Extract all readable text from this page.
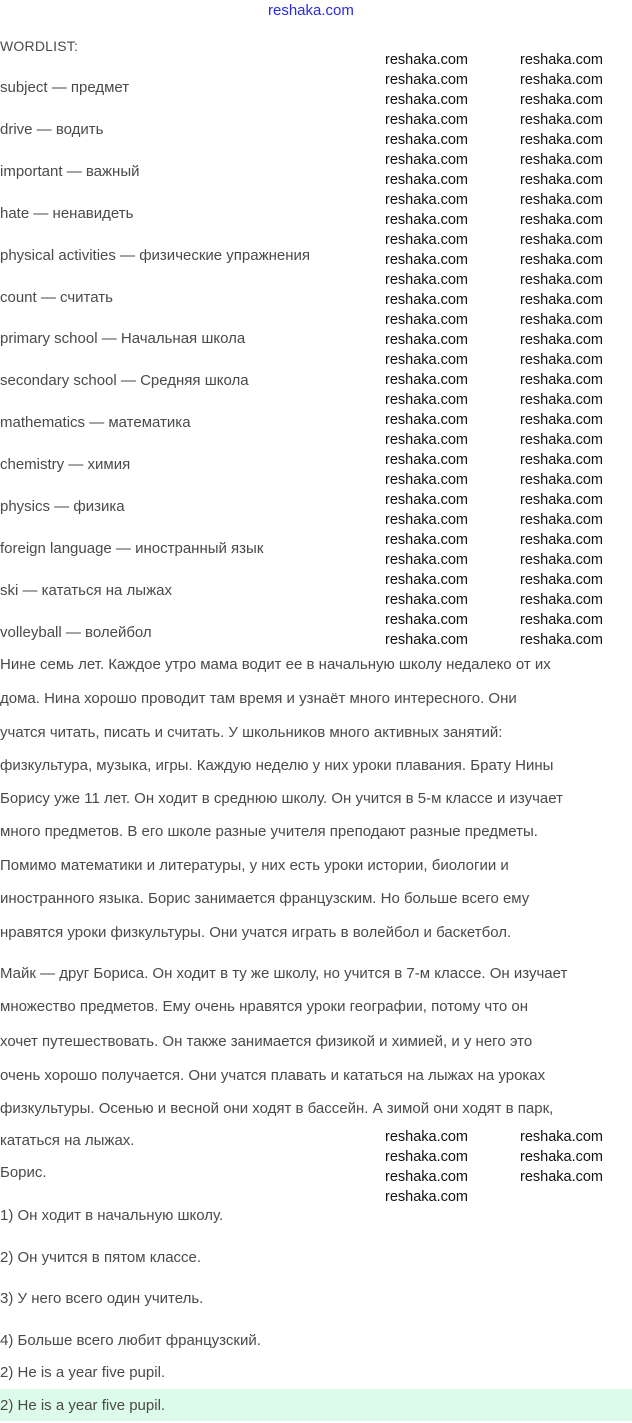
reshaka.com
WORDLIST:
subject — предмет
drive — водить
important — важный
hate — ненавидеть
physical activities — физические упражнения
count — считать
primary school — Начальная школа
secondary school — Средняя школа
mathematics — математика
chemistry — химия
physics — физика
foreign language — иностранный язык
ski — кататься на лыжах
volleyball — волейбол
Нине семь лет. Каждое утро мама водит ее в начальную школу недалеко от их
дома. Нина хорошо проводит там время и узнаёт много интересного. Они
учатся читать, писать и считать. У школьников много активных занятий:
физкультура, музыка, игры. Каждую неделю у них уроки плавания. Брату Нины
Борису уже 11 лет. Он ходит в среднюю школу. Он учится в 5-м классе и изучает
много предметов. В его школе разные учителя преподают разные предметы.
Помимо математики и литературы, у них есть уроки истории, биологии и
иностранного языка. Борис занимается французским. Но больше всего ему
нравятся уроки физкультуры. Они учатся играть в волейбол и баскетбол.
Майк — друг Бориса. Он ходит в ту же школу, но учится в 7-м классе. Он изучает
множество предметов. Ему очень нравятся уроки географии, потому что он
хочет путешествовать. Он также занимается физикой и химией, и у него это
очень хорошо получается. Они учатся плавать и кататься на лыжах на уроках
физкультуры. Осенью и весной они ходят в бассейн. А зимой они ходят в парк,
кататься на лыжах.
Борис.
1) Он ходит в начальную школу.
2) Он учится в пятом классе.
3) У него всего один учитель.
4) Больше всего любит французский.
2) He is a year five pupil.
2) He is a year five pupil.
reshaka.com	reshaka.com
reshaka.com	reshaka.com
reshaka.com	reshaka.com
reshaka.com	reshaka.com
reshaka.com	reshaka.com
reshaka.com	reshaka.com
reshaka.com	reshaka.com
reshaka.com	reshaka.com
reshaka.com	reshaka.com
reshaka.com	reshaka.com
reshaka.com	reshaka.com
reshaka.com	reshaka.com
reshaka.com	reshaka.com
reshaka.com	reshaka.com
reshaka.com	reshaka.com
reshaka.com	reshaka.com
reshaka.com	reshaka.com
reshaka.com	reshaka.com
reshaka.com	reshaka.com
reshaka.com	reshaka.com
reshaka.com	reshaka.com
reshaka.com	reshaka.com
reshaka.com	reshaka.com
reshaka.com	reshaka.com
reshaka.com	reshaka.com
reshaka.com	reshaka.com
reshaka.com	reshaka.com
reshaka.com	reshaka.com
reshaka.com	reshaka.com
reshaka.com	reshaka.com
reshaka.com	reshaka.com
reshaka.com	reshaka.com
reshaka.com	reshaka.com
reshaka.com
